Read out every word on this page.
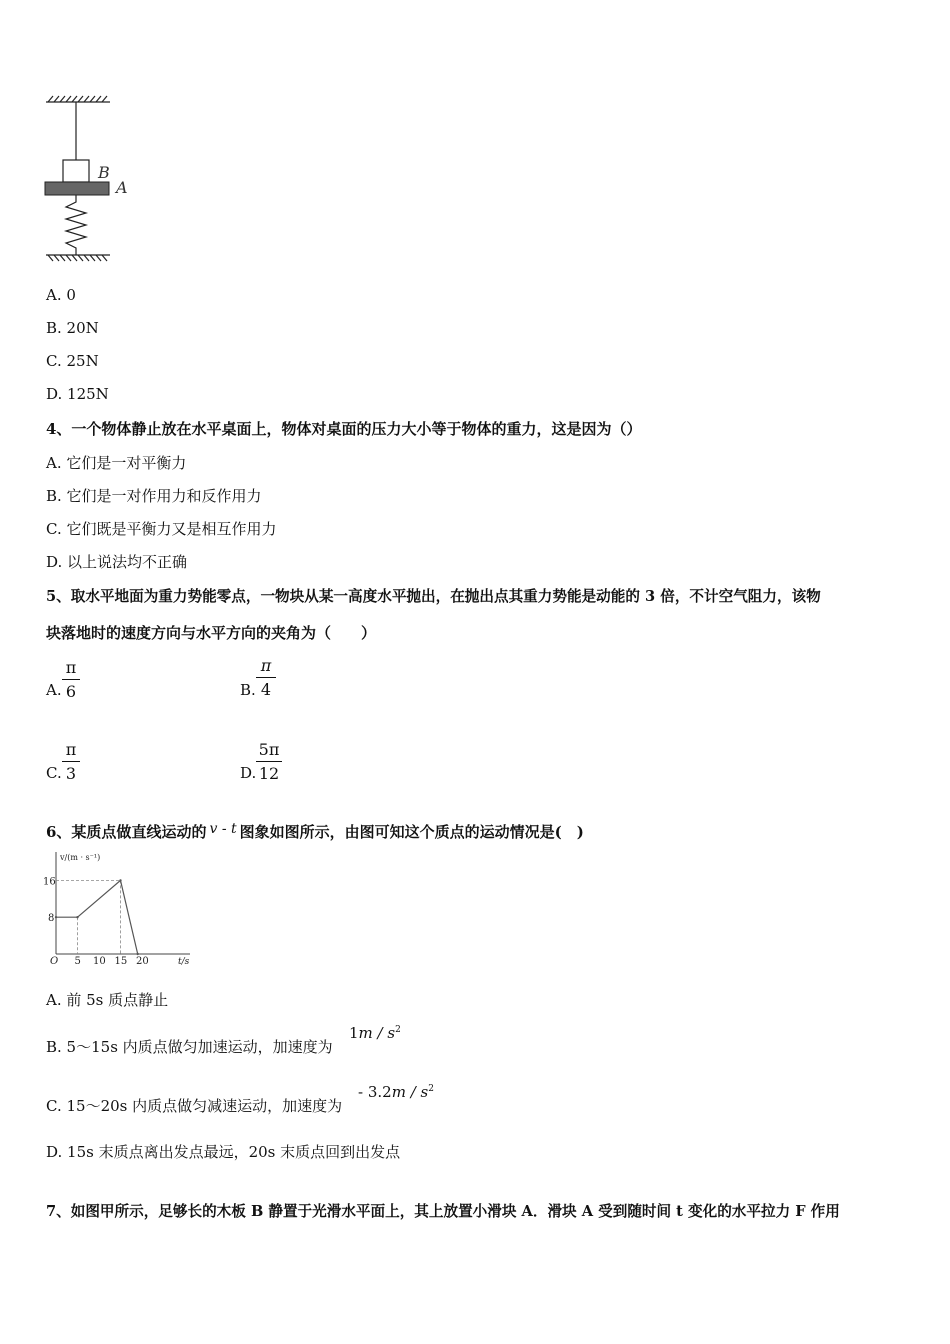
B
A
A. 0
B. 20N
C. 25N
D. 125N
4、一个物体静止放在水平桌面上，物体对桌面的压力大小等于物体的重力，这是因为（）
A. 它们是一对平衡力
B. 它们是一对作用力和反作用力
C. 它们既是平衡力又是相互作用力
D. 以上说法均不正确
5、取水平地面为重力势能零点，一物块从某一高度水平抛出，在抛出点其重力势能是动能的 3 倍，不计空气阻力，该物
块落地时的速度方向与水平方向的夹角为（　　）
A.
π
6	B.
π
4
C.
π
3	D.
5π
12
6、某质点做直线运动的 v - t 图象如图所示，由图可知这个质点的运动情况是(　)
v/(m · s⁻¹)
t/s
O 5 10 15 20
8
16
A. 前 5s 质点静止
B. 5～15s 内质点做匀加速运动，加速度为
$1m / s^2$
C. 15～20s 内质点做匀减速运动，加速度为
- $3.2m / s^2$
D. 15s 末质点离出发点最远，20s 末质点回到出发点
7、如图甲所示，足够长的木板 B 静置于光滑水平面上，其上放置小滑块 A．滑块 A 受到随时间 t 变化的水平拉力 F 作用
